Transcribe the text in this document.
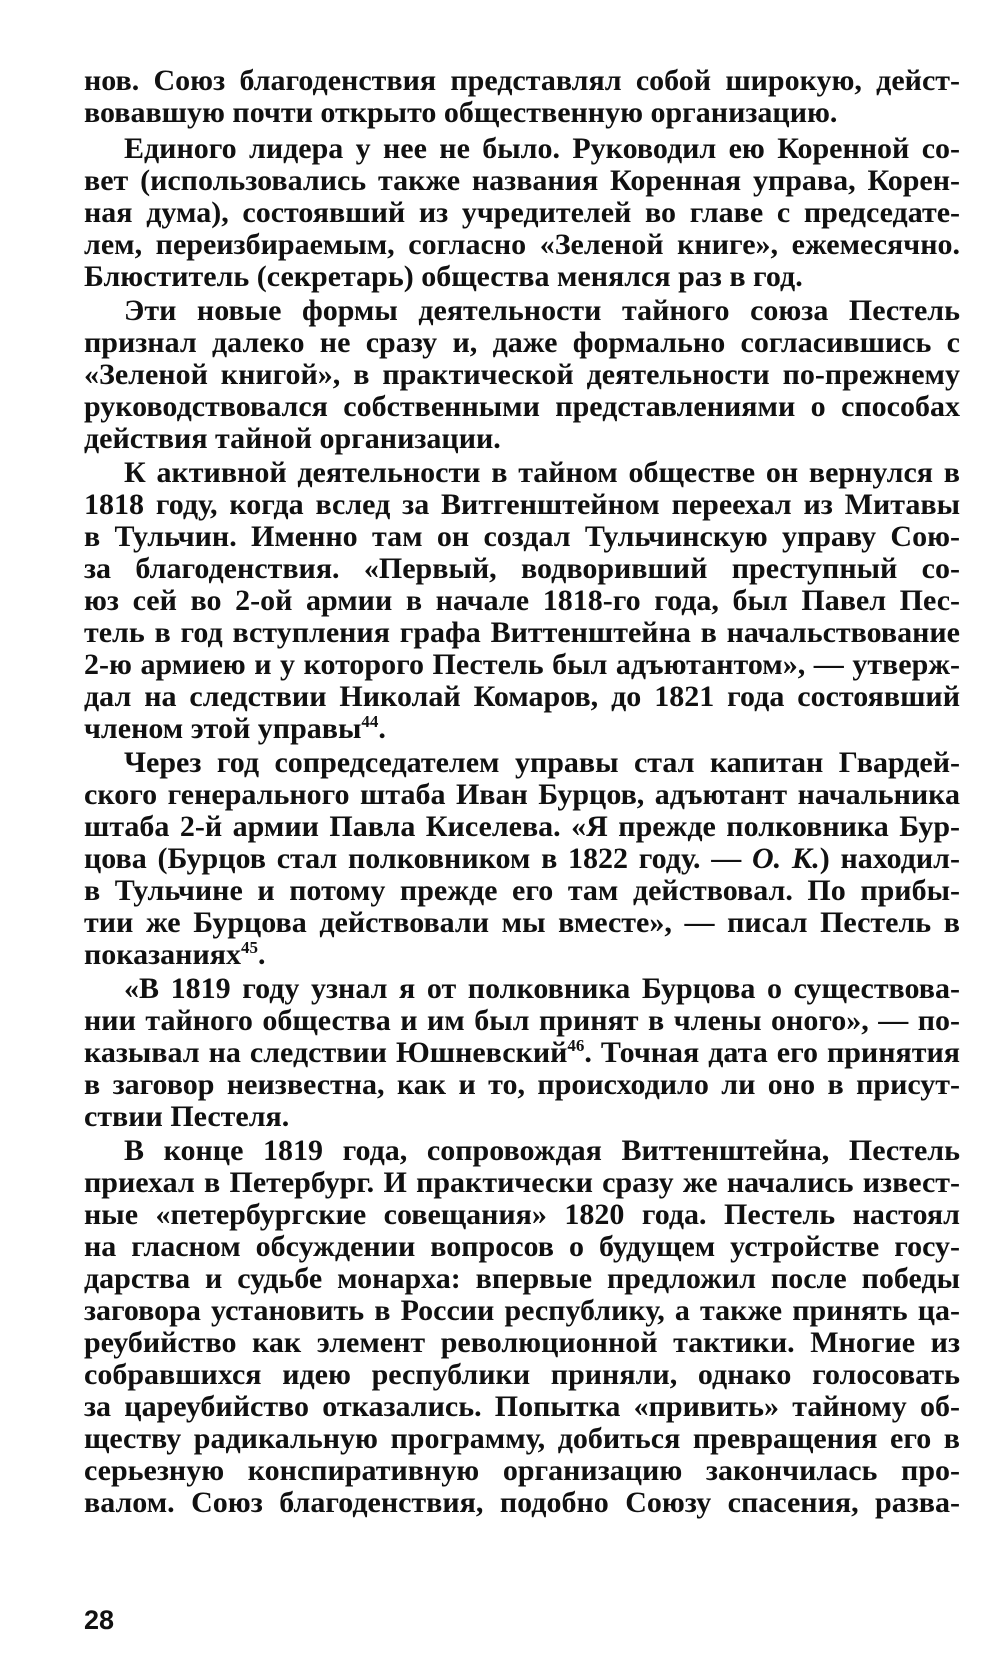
нов. Союз благоденствия представлял собой широкую, дейст-
вовавшую почти открыто общественную организацию.
Единого лидера у нее не было. Руководил ею Коренной со-
вет (использовались также названия Коренная управа, Корен-
ная дума), состоявший из учредителей во главе с председате-
лем, переизбираемым, согласно «Зеленой книге», ежемесячно.
Блюститель (секретарь) общества менялся раз в год.
Эти новые формы деятельности тайного союза Пестель
признал далеко не сразу и, даже формально согласившись с
«Зеленой книгой», в практической деятельности по-прежнему
руководствовался собственными представлениями о способах
действия тайной организации.
К активной деятельности в тайном обществе он вернулся в
1818 году, когда вслед за Витгенштейном переехал из Митавы
в Тульчин. Именно там он создал Тульчинскую управу Сою-
за благоденствия. «Первый, водворивший преступный со-
юз сей во 2-ой армии в начале 1818-го года, был Павел Пес-
тель в год вступления графа Виттенштейна в начальствование
2-ю армиею и у которого Пестель был адъютантом», — утверж-
дал на следствии Николай Комаров, до 1821 года состоявший
членом этой управы$^{44}$.
Через год сопредседателем управы стал капитан Гвардей-
ского генерального штаба Иван Бурцов, адъютант начальника
штаба 2-й армии Павла Киселева. «Я прежде полковника Бур-
цова (Бурцов стал полковником в 1822 году. — О. К.) находил-
в Тульчине и потому прежде его там действовал. По прибы-
тии же Бурцова действовали мы вместе», — писал Пестель в
показаниях$^{45}$.
«В 1819 году узнал я от полковника Бурцова о существова-
нии тайного общества и им был принят в члены оного», — по-
казывал на следствии Юшневский$^{46}$. Точная дата его принятия
в заговор неизвестна, как и то, происходило ли оно в присут-
ствии Пестеля.
В конце 1819 года, сопровождая Виттенштейна, Пестель
приехал в Петербург. И практически сразу же начались извест-
ные «петербургские совещания» 1820 года. Пестель настоял
на гласном обсуждении вопросов о будущем устройстве госу-
дарства и судьбе монарха: впервые предложил после победы
заговора установить в России республику, а также принять ца-
реубийство как элемент революционной тактики. Многие из
собравшихся идею республики приняли, однако голосовать
за цареубийство отказались. Попытка «привить» тайному об-
ществу радикальную программу, добиться превращения его в
серьезную конспиративную организацию закончилась про-
валом. Союз благоденствия, подобно Союзу спасения, разва-
28
